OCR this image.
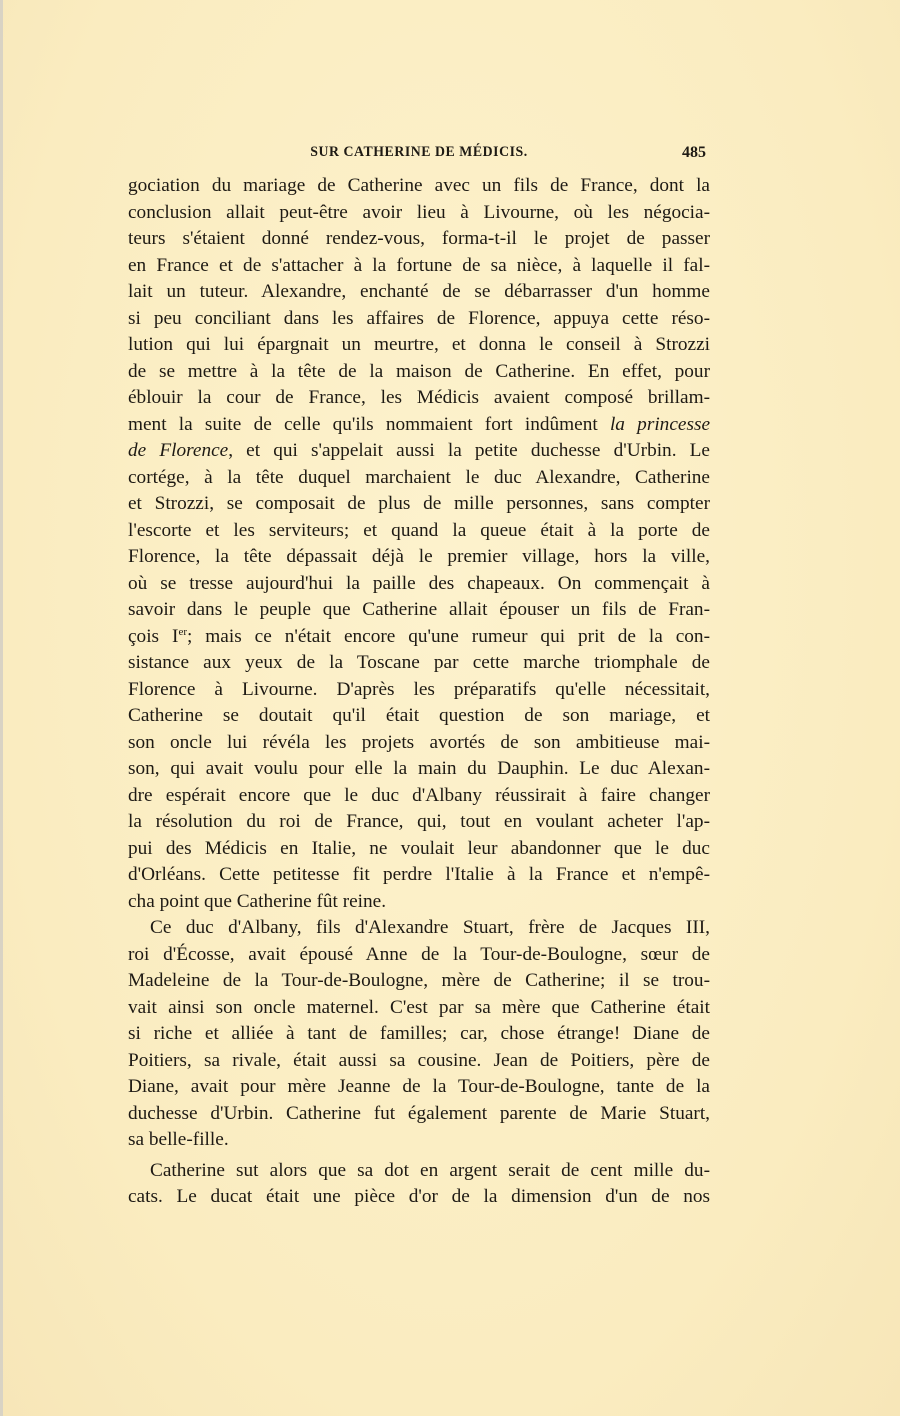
SUR CATHERINE DE MÉDICIS.	485
gociation du mariage de Catherine avec un fils de France, dont la
conclusion allait peut-être avoir lieu à Livourne, où les négocia-
teurs s'étaient donné rendez-vous, forma-t-il le projet de passer
en France et de s'attacher à la fortune de sa nièce, à laquelle il fal-
lait un tuteur. Alexandre, enchanté de se débarrasser d'un homme
si peu conciliant dans les affaires de Florence, appuya cette réso-
lution qui lui épargnait un meurtre, et donna le conseil à Strozzi
de se mettre à la tête de la maison de Catherine. En effet, pour
éblouir la cour de France, les Médicis avaient composé brillam-
ment la suite de celle qu'ils nommaient fort indûment la princesse
de Florence, et qui s'appelait aussi la petite duchesse d'Urbin. Le
cortége, à la tête duquel marchaient le duc Alexandre, Catherine
et Strozzi, se composait de plus de mille personnes, sans compter
l'escorte et les serviteurs; et quand la queue était à la porte de
Florence, la tête dépassait déjà le premier village, hors la ville,
où se tresse aujourd'hui la paille des chapeaux. On commençait à
savoir dans le peuple que Catherine allait épouser un fils de Fran-
çois Ier; mais ce n'était encore qu'une rumeur qui prit de la con-
sistance aux yeux de la Toscane par cette marche triomphale de
Florence à Livourne. D'après les préparatifs qu'elle nécessitait,
Catherine se doutait qu'il était question de son mariage, et
son oncle lui révéla les projets avortés de son ambitieuse mai-
son, qui avait voulu pour elle la main du Dauphin. Le duc Alexan-
dre espérait encore que le duc d'Albany réussirait à faire changer
la résolution du roi de France, qui, tout en voulant acheter l'ap-
pui des Médicis en Italie, ne voulait leur abandonner que le duc
d'Orléans. Cette petitesse fit perdre l'Italie à la France et n'empê-
cha point que Catherine fût reine.
Ce duc d'Albany, fils d'Alexandre Stuart, frère de Jacques III,
roi d'Écosse, avait épousé Anne de la Tour-de-Boulogne, sœur de
Madeleine de la Tour-de-Boulogne, mère de Catherine; il se trou-
vait ainsi son oncle maternel. C'est par sa mère que Catherine était
si riche et alliée à tant de familles; car, chose étrange! Diane de
Poitiers, sa rivale, était aussi sa cousine. Jean de Poitiers, père de
Diane, avait pour mère Jeanne de la Tour-de-Boulogne, tante de la
duchesse d'Urbin. Catherine fut également parente de Marie Stuart,
sa belle-fille.
Catherine sut alors que sa dot en argent serait de cent mille du-
cats. Le ducat était une pièce d'or de la dimension d'un de nos
